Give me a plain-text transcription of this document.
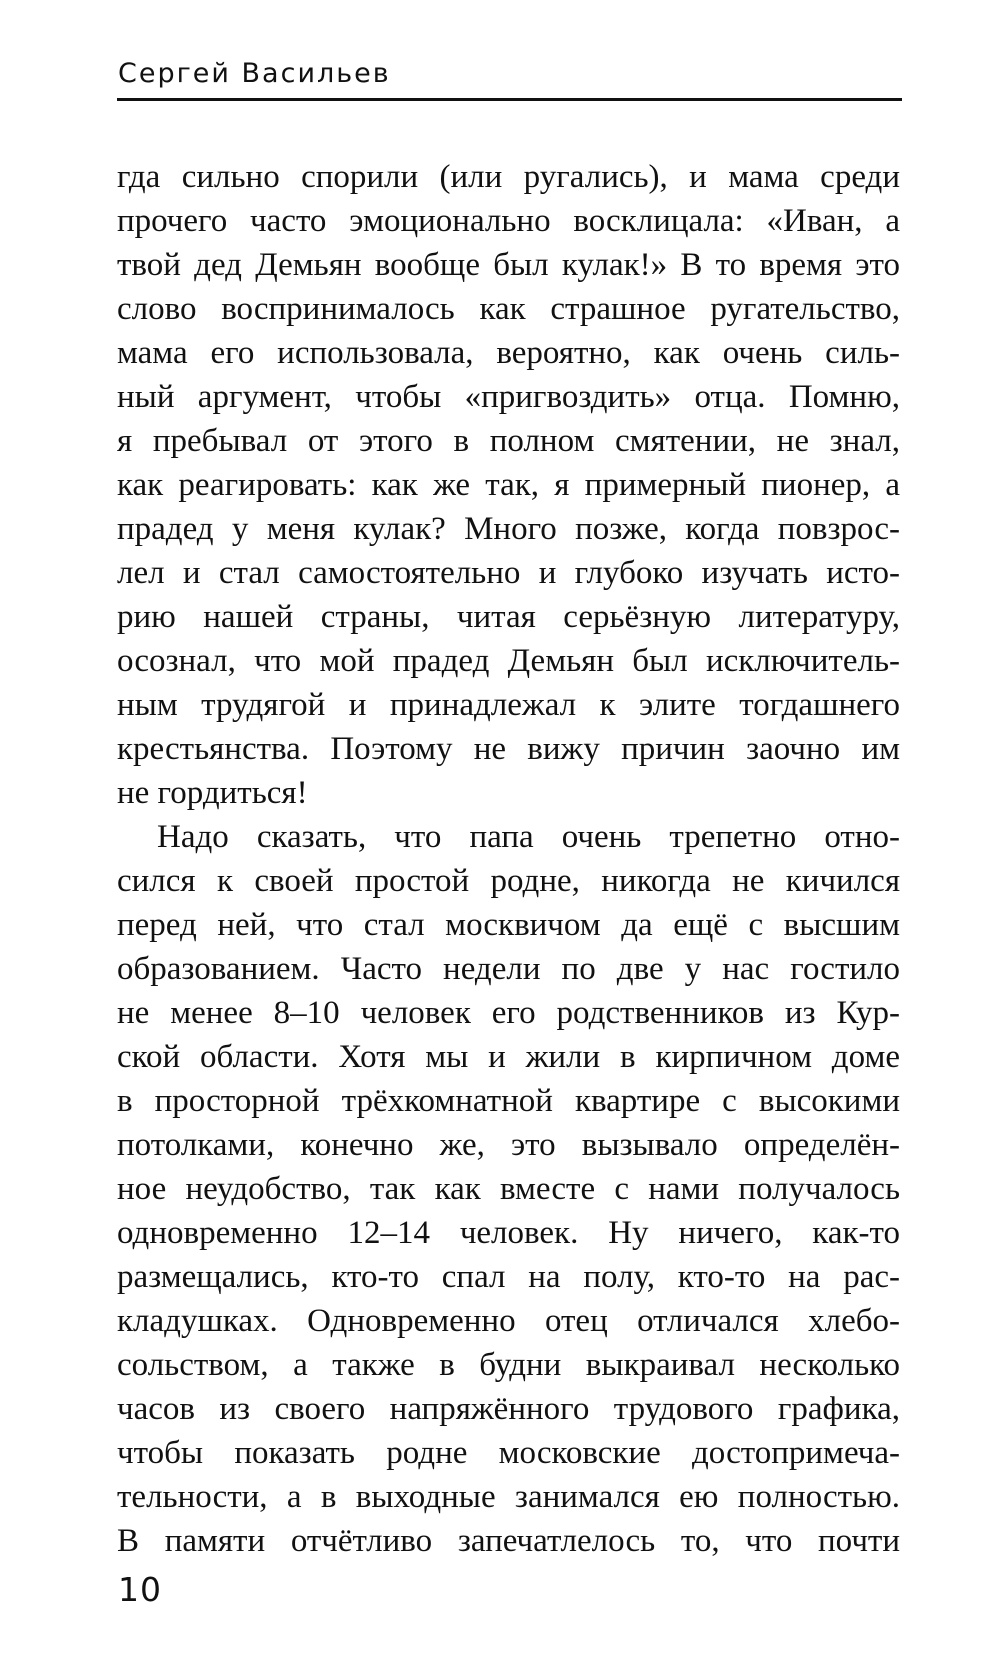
Сергей Васильев
гда сильно спорили (или ругались), и мама среди
прочего часто эмоционально восклицала: «Иван, а
твой дед Демьян вообще был кулак!» В то время это
слово воспринималось как страшное ругательство,
мама его использовала, вероятно, как очень силь-
ный аргумент, чтобы «пригвоздить» отца. Помню,
я пребывал от этого в полном смятении, не знал,
как реагировать: как же так, я примерный пионер, а
прадед у меня кулак? Много позже, когда повзрос-
лел и стал самостоятельно и глубоко изучать исто-
рию нашей страны, читая серьёзную литературу,
осознал, что мой прадед Демьян был исключитель-
ным трудягой и принадлежал к элите тогдашнего
крестьянства. Поэтому не вижу причин заочно им
не гордиться!
Надо сказать, что папа очень трепетно отно-
сился к своей простой родне, никогда не кичился
перед ней, что стал москвичом да ещё с высшим
образованием. Часто недели по две у нас гостило
не менее 8–10 человек его родственников из Кур-
ской области. Хотя мы и жили в кирпичном доме
в просторной трёхкомнатной квартире с высокими
потолками, конечно же, это вызывало определён-
ное неудобство, так как вместе с нами получалось
одновременно 12–14 человек. Ну ничего, как-то
размещались, кто-то спал на полу, кто-то на рас-
кладушках. Одновременно отец отличался хлебо-
сольством, а также в будни выкраивал несколько
часов из своего напряжённого трудового графика,
чтобы показать родне московские достопримеча-
тельности, а в выходные занимался ею полностью.
В памяти отчётливо запечатлелось то, что почти
10
